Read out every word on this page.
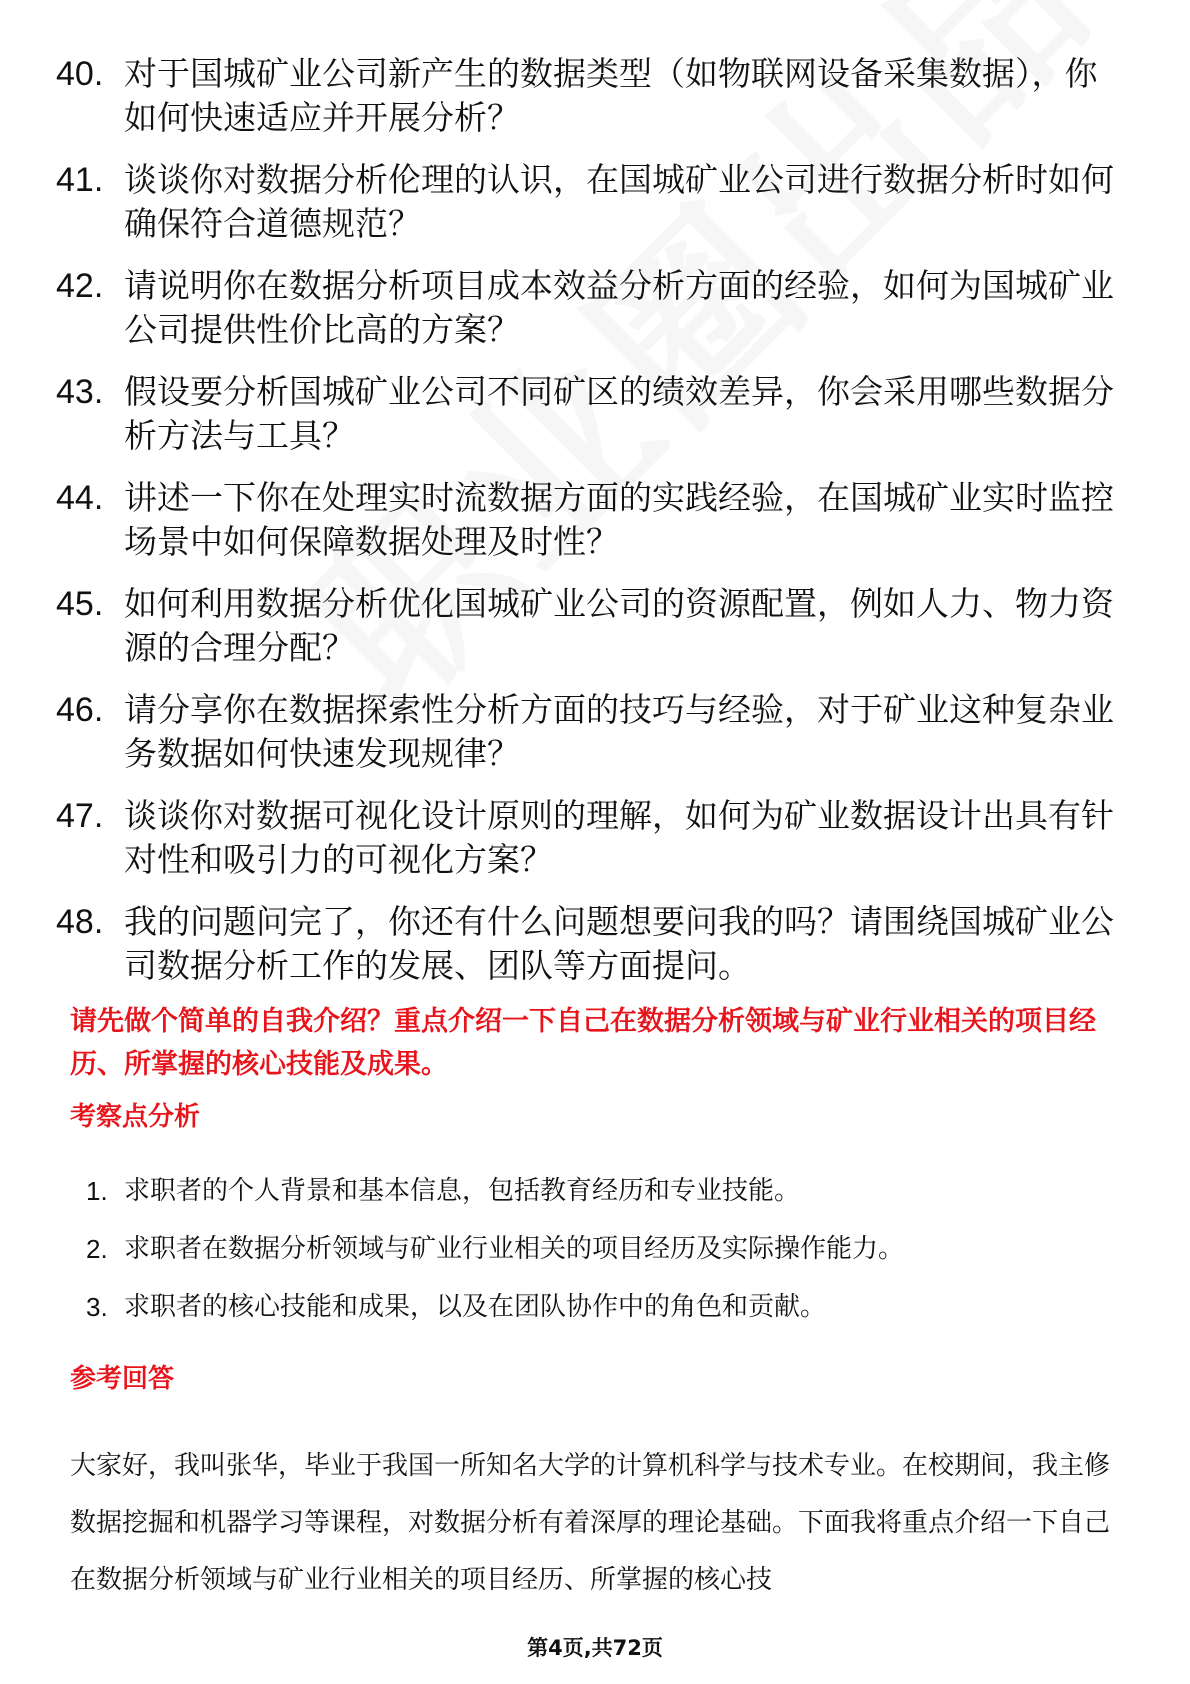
40. 对于国城矿业公司新产生的数据类型（如物联网设备采集数据），你如何快速适应并开展分析？
41. 谈谈你对数据分析伦理的认识，在国城矿业公司进行数据分析时如何确保符合道德规范？
42. 请说明你在数据分析项目成本效益分析方面的经验，如何为国城矿业公司提供性价比高的方案？
43. 假设要分析国城矿业公司不同矿区的绩效差异，你会采用哪些数据分析方法与工具？
44. 讲述一下你在处理实时流数据方面的实践经验，在国城矿业实时监控场景中如何保障数据处理及时性？
45. 如何利用数据分析优化国城矿业公司的资源配置，例如人力、物力资源的合理分配？
46. 请分享你在数据探索性分析方面的技巧与经验，对于矿业这种复杂业务数据如何快速发现规律？
47. 谈谈你对数据可视化设计原则的理解，如何为矿业数据设计出具有针对性和吸引力的可视化方案？
48. 我的问题问完了，你还有什么问题想要问我的吗？请围绕国城矿业公司数据分析工作的发展、团队等方面提问。
请先做个简单的自我介绍？重点介绍一下自己在数据分析领域与矿业行业相关的项目经历、所掌握的核心技能及成果。
考察点分析
1. 求职者的个人背景和基本信息，包括教育经历和专业技能。
2. 求职者在数据分析领域与矿业行业相关的项目经历及实际操作能力。
3. 求职者的核心技能和成果，以及在团队协作中的角色和贡献。
参考回答
大家好，我叫张华，毕业于我国一所知名大学的计算机科学与技术专业。在校期间，我主修数据挖掘和机器学习等课程，对数据分析有着深厚的理论基础。下面我将重点介绍一下自己在数据分析领域与矿业行业相关的项目经历、所掌握的核心技
第4页,共72页
